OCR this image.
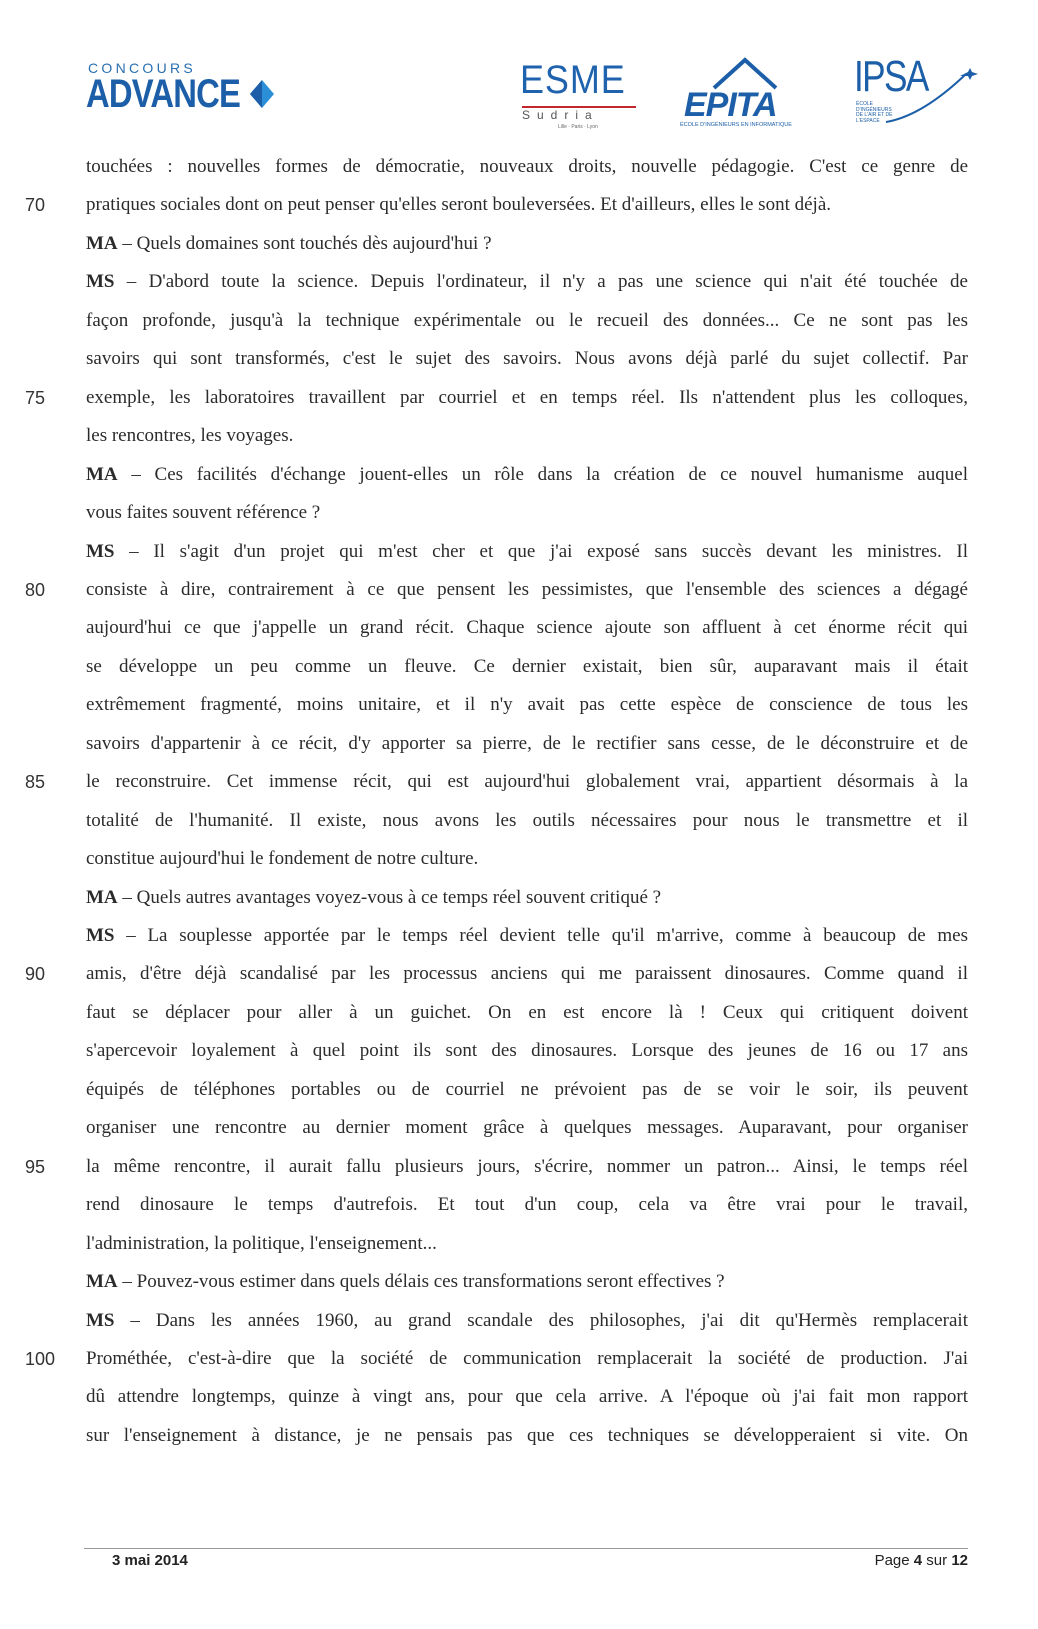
CONCOURS
ADVANCE	ESME
Sudria
Lille · Paris · Lyon
EPITA
ÉCOLE D'INGÉNIEURS EN INFORMATIQUE
IPSA
ÉCOLE D'INGÉNIEURS DE L'AIR ET DE L'ESPACE
touchées : nouvelles formes de démocratie, nouveaux droits, nouvelle pédagogie. C'est ce genre de
70	pratiques sociales dont on peut penser qu'elles seront bouleversées. Et d'ailleurs, elles le sont déjà.
MA – Quels domaines sont touchés dès aujourd'hui ?
MS – D'abord toute la science. Depuis l'ordinateur, il n'y a pas une science qui n'ait été touchée de
façon profonde, jusqu'à la technique expérimentale ou le recueil des données... Ce ne sont pas les
savoirs qui sont transformés, c'est le sujet des savoirs. Nous avons déjà parlé du sujet collectif. Par
75	exemple, les laboratoires travaillent par courriel et en temps réel. Ils n'attendent plus les colloques,
les rencontres, les voyages.
MA – Ces facilités d'échange jouent-elles un rôle dans la création de ce nouvel humanisme auquel
vous faites souvent référence ?
MS – Il s'agit d'un projet qui m'est cher et que j'ai exposé sans succès devant les ministres. Il
80	consiste à dire, contrairement à ce que pensent les pessimistes, que l'ensemble des sciences a dégagé
aujourd'hui ce que j'appelle un grand récit. Chaque science ajoute son affluent à cet énorme récit qui
se développe un peu comme un fleuve. Ce dernier existait, bien sûr, auparavant mais il était
extrêmement fragmenté, moins unitaire, et il n'y avait pas cette espèce de conscience de tous les
savoirs d'appartenir à ce récit, d'y apporter sa pierre, de le rectifier sans cesse, de le déconstruire et de
85	le reconstruire. Cet immense récit, qui est aujourd'hui globalement vrai, appartient désormais à la
totalité de l'humanité. Il existe, nous avons les outils nécessaires pour nous le transmettre et il
constitue aujourd'hui le fondement de notre culture.
MA – Quels autres avantages voyez-vous à ce temps réel souvent critiqué ?
MS – La souplesse apportée par le temps réel devient telle qu'il m'arrive, comme à beaucoup de mes
90	amis, d'être déjà scandalisé par les processus anciens qui me paraissent dinosaures. Comme quand il
faut se déplacer pour aller à un guichet. On en est encore là ! Ceux qui critiquent doivent
s'apercevoir loyalement à quel point ils sont des dinosaures. Lorsque des jeunes de 16 ou 17 ans
équipés de téléphones portables ou de courriel ne prévoient pas de se voir le soir, ils peuvent
organiser une rencontre au dernier moment grâce à quelques messages. Auparavant, pour organiser
95	la même rencontre, il aurait fallu plusieurs jours, s'écrire, nommer un patron... Ainsi, le temps réel
rend dinosaure le temps d'autrefois. Et tout d'un coup, cela va être vrai pour le travail,
l'administration, la politique, l'enseignement...
MA – Pouvez-vous estimer dans quels délais ces transformations seront effectives ?
MS – Dans les années 1960, au grand scandale des philosophes, j'ai dit qu'Hermès remplacerait
100	Prométhée, c'est-à-dire que la société de communication remplacerait la société de production. J'ai
dû attendre longtemps, quinze à vingt ans, pour que cela arrive. A l'époque où j'ai fait mon rapport
sur l'enseignement à distance, je ne pensais pas que ces techniques se développeraient si vite. On
3 mai 2014	Page 4 sur 12
